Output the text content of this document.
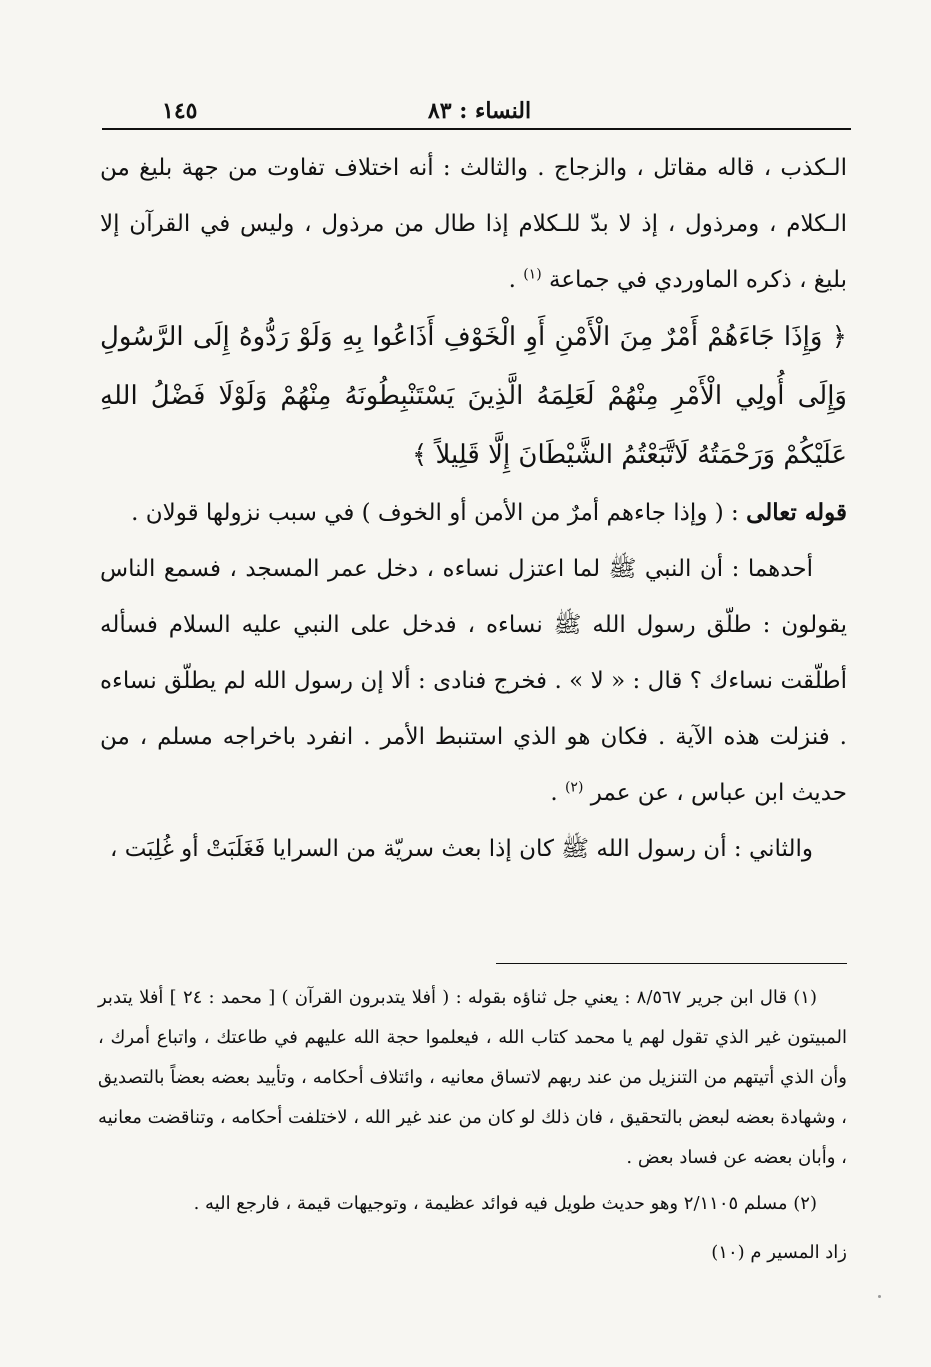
النساء : ٨٣
١٤٥

الـكذب ، قاله مقاتل ، والزجاج . والثالث : أنه اختلاف تفاوت من جهة بليغ من الـكلام ، ومرذول ، إذ لا بدّ للـكلام إذا طال من مرذول ، وليس في القرآن إلا بليغ ، ذكره الماوردي في جماعة $^{(١)}$ .

﴿ وَإِذَا جَاءَهُمْ أَمْرٌ مِنَ الْأَمْنِ أَوِ الْخَوْفِ أَذَاعُوا بِهِ وَلَوْ رَدُّوهُ إِلَى الرَّسُولِ وَإِلَى أُولِي الْأَمْرِ مِنْهُمْ لَعَلِمَهُ الَّذِينَ يَسْتَنْبِطُونَهُ مِنْهُمْ وَلَوْلَا فَضْلُ اللهِ عَلَيْكُمْ وَرَحْمَتُهُ لَاتَّبَعْتُمُ الشَّيْطَانَ إِلَّا قَلِيلاً ﴾

قوله تعالى : ( وإذا جاءهم أمرٌ من الأمن أو الخوف ) في سبب نزولها قولان .

أحدهما : أن النبي ﷺ لما اعتزل نساءه ، دخل عمر المسجد ، فسمع الناس يقولون : طلّق رسول الله ﷺ نساءه ، فدخل على النبي عليه السلام فسأله أطلّقت نساءك ؟ قال : « لا » . فخرج فنادى : ألا إن رسول الله لم يطلّق نساءه . فنزلت هذه الآية . فكان هو الذي استنبط الأمر . انفرد باخراجه مسلم ، من حديث ابن عباس ، عن عمر $^{(٢)}$ .

والثاني : أن رسول الله ﷺ كان إذا بعث سريّة من السرايا فَغَلَبَتْ أو غُلِبَت ،

(١) قال ابن جرير ٨/٥٦٧ : يعني جل ثناؤه بقوله : ( أفلا يتدبرون القرآن ) [ محمد : ٢٤ ] أفلا يتدبر المبيتون غير الذي تقول لهم يا محمد كتاب الله ، فيعلموا حجة الله عليهم في طاعتك ، واتباع أمرك ، وأن الذي أتيتهم من التنزيل من عند ربهم لاتساق معانيه ، وائتلاف أحكامه ، وتأييد بعضه بعضاً بالتصديق ، وشهادة بعضه لبعض بالتحقيق ، فان ذلك لو كان من عند غير الله ، لاختلفت أحكامه ، وتناقضت معانيه ، وأبان بعضه عن فساد بعض .

(٢) مسلم ٢/١١٠٥ وهو حديث طويل فيه فوائد عظيمة ، وتوجيهات قيمة ، فارجع اليه .

زاد المسير م (١٠)
